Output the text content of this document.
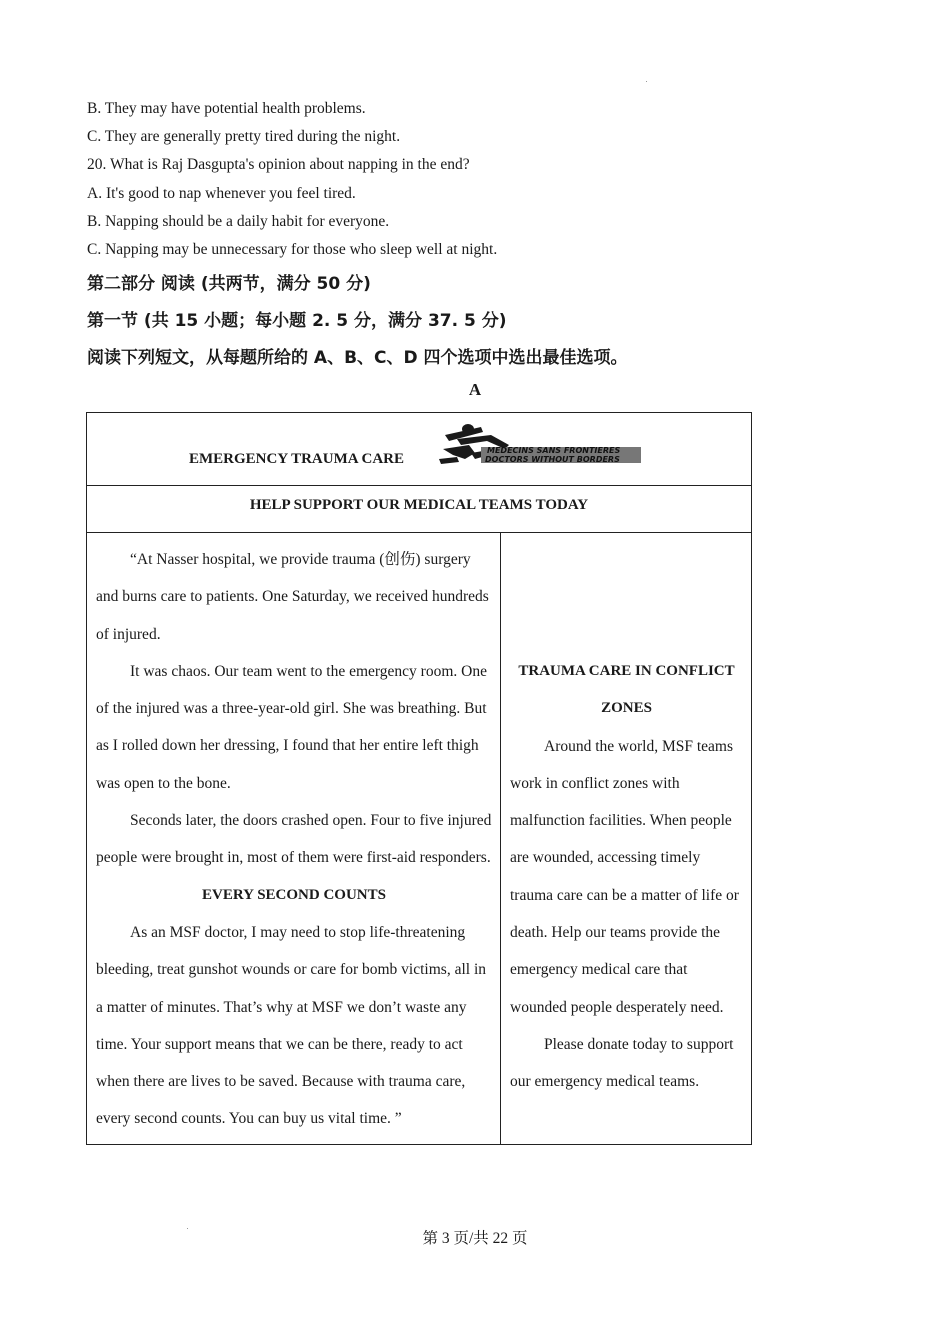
B. They may have potential health problems.
C. They are generally pretty tired during the night.
20. What is Raj Dasgupta's opinion about napping in the end?
A. It's good to nap whenever you feel tired.
B. Napping should be a daily habit for everyone.
C. Napping may be unnecessary for those who sleep well at night.
第二部分 阅读 (共两节，满分 50 分)
第一节 (共 15 小题；每小题 2. 5 分，满分 37. 5 分)
阅读下列短文，从每题所给的 A、B、C、D 四个选项中选出最佳选项。
A
EMERGENCY TRAUMA CARE
MEDECINS SANS FRONTIERES
DOCTORS WITHOUT BORDERS

HELP SUPPORT OUR MEDICAL TEAMS TODAY

“At Nasser hospital, we provide trauma (创伤) surgery and burns care to patients. One Saturday, we received hundreds of injured.

It was chaos. Our team went to the emergency room. One of the injured was a three-year-old girl. She was breathing. But as I rolled down her dressing, I found that her entire left thigh was open to the bone.

Seconds later, the doors crashed open. Four to five injured people were brought in, most of them were first-aid responders.

EVERY SECOND COUNTS

As an MSF doctor, I may need to stop life-threatening bleeding, treat gunshot wounds or care for bomb victims, all in a matter of minutes. That’s why at MSF we don’t waste any time. Your support means that we can be there, ready to act when there are lives to be saved. Because with trauma care, every second counts. You can buy us vital time. ”

TRAUMA CARE IN CONFLICT ZONES

Around the world, MSF teams work in conflict zones with malfunction facilities. When people are wounded, accessing timely trauma care can be a matter of life or death. Help our teams provide the emergency medical care that wounded people desperately need.

Please donate today to support our emergency medical teams.

第 3 页/共 22 页
